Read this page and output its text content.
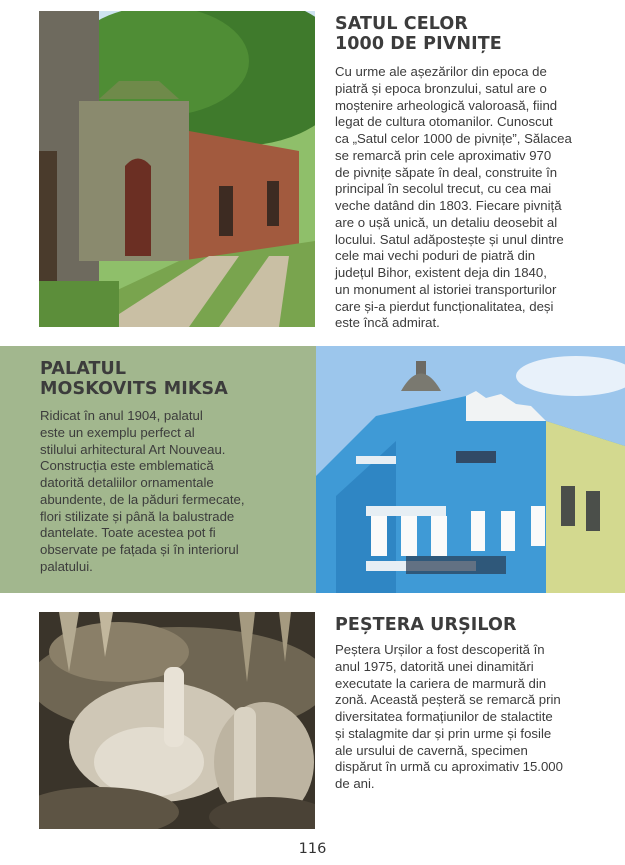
SATUL CELOR
1000 DE PIVNIȚE

Cu urme ale așezărilor din epoca de
piatră și epoca bronzului, satul are o
moștenire arheologică valoroasă, fiind
legat de cultura otomanilor. Cunoscut
ca „Satul celor 1000 de pivnițe”, Sălacea
se remarcă prin cele aproximativ 970
de pivnițe săpate în deal, construite în
principal în secolul trecut, cu cea mai
veche datând din 1803. Fiecare pivniță
are o ușă unică, un detaliu deosebit al
locului. Satul adăpostește și unul dintre
cele mai vechi poduri de piatră din
județul Bihor, existent deja din 1840,
un monument al istoriei transporturilor
care și-a pierdut funcționalitatea, deși
este încă admirat.

PALATUL
MOSKOVITS MIKSA

Ridicat în anul 1904, palatul
este un exemplu perfect al
stilului arhitectural Art Nouveau.
Construcția este emblematică
datorită detaliilor ornamentale
abundente, de la păduri fermecate,
flori stilizate și până la balustrade
dantelate. Toate acestea pot fi
observate pe fațada și în interiorul
palatului.

PEȘTERA URȘILOR

Peștera Urșilor a fost descoperită în
anul 1975, datorită unei dinamitări
executate la cariera de marmură din
zonă. Această peșteră se remarcă prin
diversitatea formațiunilor de stalactite
și stalagmite dar și prin urme și fosile
ale ursului de cavernă, specimen
dispărut în urmă cu aproximativ 15.000
de ani.

116
